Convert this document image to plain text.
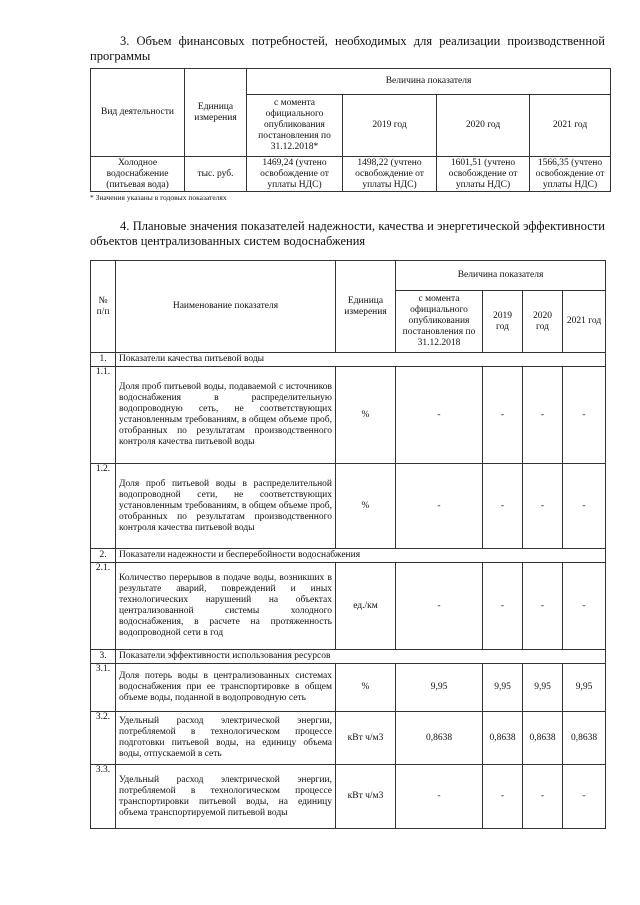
3. Объем финансовых потребностей, необходимых для реализации производственной программы
Вид деятельности	Единица измерения	Величина показателя			
		с момента официального опубликования постановления по 31.12.2018*	2019 год	2020 год	2021 год
Холодное водоснабжение (питьевая вода)	тыс. руб.	1469,24 (учтено освобождение от уплаты НДС)	1498,22 (учтено освобождение от уплаты НДС)	1601,51 (учтено освобождение от уплаты НДС)	1566,35 (учтено освобождение от уплаты НДС)
* Значения указаны в годовых показателях
4. Плановые значения показателей надежности, качества и энергетической эффективности объектов централизованных систем водоснабжения
№ п/п	Наименование показателя	Единица измерения	Величина показателя			
			с момента официального опубликования постановления по 31.12.2018	2019 год	2020 год	2021 год
1.	Показатели качества питьевой воды					
1.1.	Доля проб питьевой воды, подаваемой с источников водоснабжения в распределительную водопроводную сеть, не соответствующих установленным требованиям, в общем объеме проб, отобранных по результатам производственного контроля качества питьевой воды	%	-	-	-	-
1.2.	Доля проб питьевой воды в распределительной водопроводной сети, не соответствующих установленным требованиям, в общем объеме проб, отобранных по результатам производственного контроля качества питьевой воды	%	-	-	-	-
2.	Показатели надежности и бесперебойности водоснабжения					
2.1.	Количество перерывов в подаче воды, возникших в результате аварий, повреждений и иных технологических нарушений на объектах централизованной системы холодного водоснабжения, в расчете на протяженность водопроводной сети в год	ед./км	-	-	-	-
3.	Показатели эффективности использования ресурсов					
3.1.	Доля потерь воды в централизованных системах водоснабжения при ее транспортировке в общем объеме воды, поданной в водопроводную сеть	%	9,95	9,95	9,95	9,95
3.2.	Удельный расход электрической энергии, потребляемой в технологическом процессе подготовки питьевой воды, на единицу объема воды, отпускаемой в сеть	кВт ч/м3	0,8638	0,8638	0,8638	0,8638
3.3.	Удельный расход электрической энергии, потребляемой в технологическом процессе транспортировки питьевой воды, на единицу объема транспортируемой питьевой воды	кВт ч/м3	-	-	-	-
